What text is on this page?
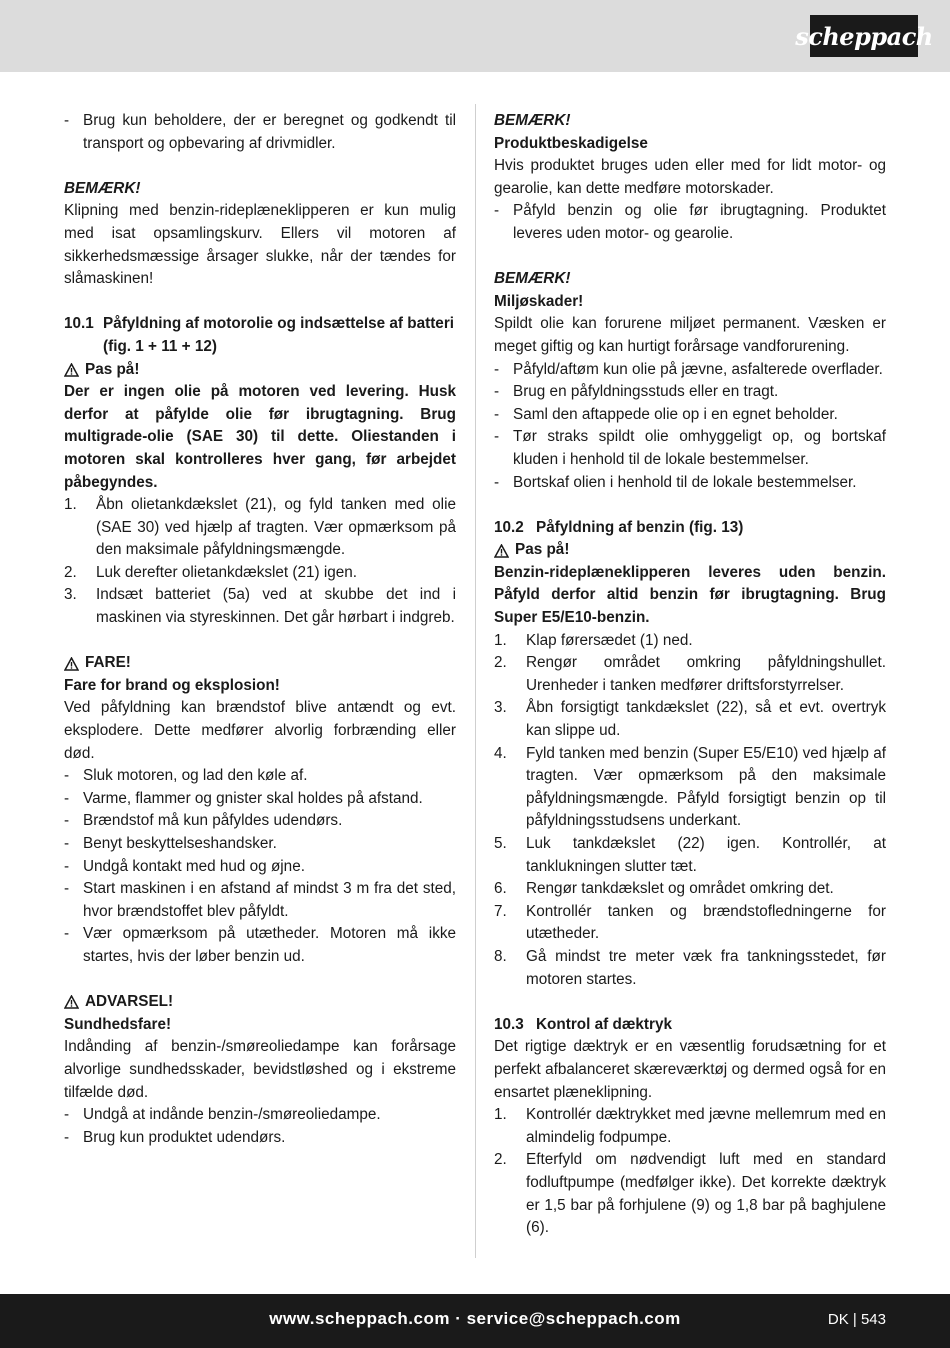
scheppach
- Brug kun beholdere, der er beregnet og godkendt til transport og opbevaring af drivmidler.

BEMÆRK!

Klipning med benzin-rideplæneklipperen er kun mulig med isat opsamlingskurv. Ellers vil motoren af sikkerhedsmæssige årsager slukke, når der tændes for slåmaskinen!

10.1 Påfyldning af motorolie og indsættelse af batteri (fig. 1 + 11 + 12)
Pas på!

Der er ingen olie på motoren ved levering. Husk derfor at påfylde olie før ibrugtagning. Brug multigrade-olie (SAE 30) til dette. Oliestanden i motoren skal kontrolleres hver gang, før arbejdet påbegyndes.

1.	Åbn olietankdækslet (21), og fyld tanken med olie (SAE 30) ved hjælp af tragten. Vær opmærksom på den maksimale påfyldningsmængde.
2.	Luk derefter olietankdækslet (21) igen.
3.	Indsæt batteriet (5a) ved at skubbe det ind i maskinen via styreskinnen. Det går hørbart i indgreb.
FARE!

Fare for brand og eksplosion!

Ved påfyldning kan brændstof blive antændt og evt. eksplodere. Dette medfører alvorlig forbrænding eller død.

- Sluk motoren, og lad den køle af.
- Varme, flammer og gnister skal holdes på afstand.
- Brændstof må kun påfyldes udendørs.
- Benyt beskyttelseshandsker.
- Undgå kontakt med hud og øjne.
- Start maskinen i en afstand af mindst 3 m fra det sted, hvor brændstoffet blev påfyldt.
- Vær opmærksom på utætheder. Motoren må ikke startes, hvis der løber benzin ud.
ADVARSEL!

Sundhedsfare!

Indånding af benzin-/smøreoliedampe kan forårsage alvorlige sundhedsskader, bevidstløshed og i ekstreme tilfælde død.

- Undgå at indånde benzin-/smøreoliedampe.
- Brug kun produktet udendørs.

BEMÆRK!

Produktbeskadigelse

Hvis produktet bruges uden eller med for lidt motor- og gearolie, kan dette medføre motorskader.

- Påfyld benzin og olie før ibrugtagning. Produktet leveres uden motor- og gearolie.

BEMÆRK!

Miljøskader!

Spildt olie kan forurene miljøet permanent. Væsken er meget giftig og kan hurtigt forårsage vandforurening.

- Påfyld/aftøm kun olie på jævne, asfalterede overflader.
- Brug en påfyldningsstuds eller en tragt.
- Saml den aftappede olie op i en egnet beholder.
- Tør straks spildt olie omhyggeligt op, og bortskaf kluden i henhold til de lokale bestemmelser.
- Bortskaf olien i henhold til de lokale bestemmelser.
10.2 Påfyldning af benzin (fig. 13)
Pas på!

Benzin-rideplæneklipperen leveres uden benzin. Påfyld derfor altid benzin før ibrugtagning. Brug Super E5/E10-benzin.

1.	Klap førersædet (1) ned.
2.	Rengør området omkring påfyldningshullet. Urenheder i tanken medfører driftsforstyrrelser.
3.	Åbn forsigtigt tankdækslet (22), så et evt. overtryk kan slippe ud.
4.	Fyld tanken med benzin (Super E5/E10) ved hjælp af tragten. Vær opmærksom på den maksimale påfyldningsmængde. Påfyld forsigtigt benzin op til påfyldningsstudsens underkant.
5.	Luk tankdækslet (22) igen. Kontrollér, at tanklukningen slutter tæt.
6.	Rengør tankdækslet og området omkring det.
7.	Kontrollér tanken og brændstofledningerne for utætheder.
8.	Gå mindst tre meter væk fra tankningsstedet, før motoren startes.
10.3 Kontrol af dæktryk

Det rigtige dæktryk er en væsentlig forudsætning for et perfekt afbalanceret skæreværktøj og dermed også for en ensartet plæneklipning.

1.	Kontrollér dæktrykket med jævne mellemrum med en almindelig fodpumpe.
2.	Efterfyld om nødvendigt luft med en standard fodluftpumpe (medfølger ikke). Det korrekte dæktryk er 1,5 bar på forhjulene (9) og 1,8 bar på baghjulene (6).
www.scheppach.com · service@scheppach.com	DK | 543
